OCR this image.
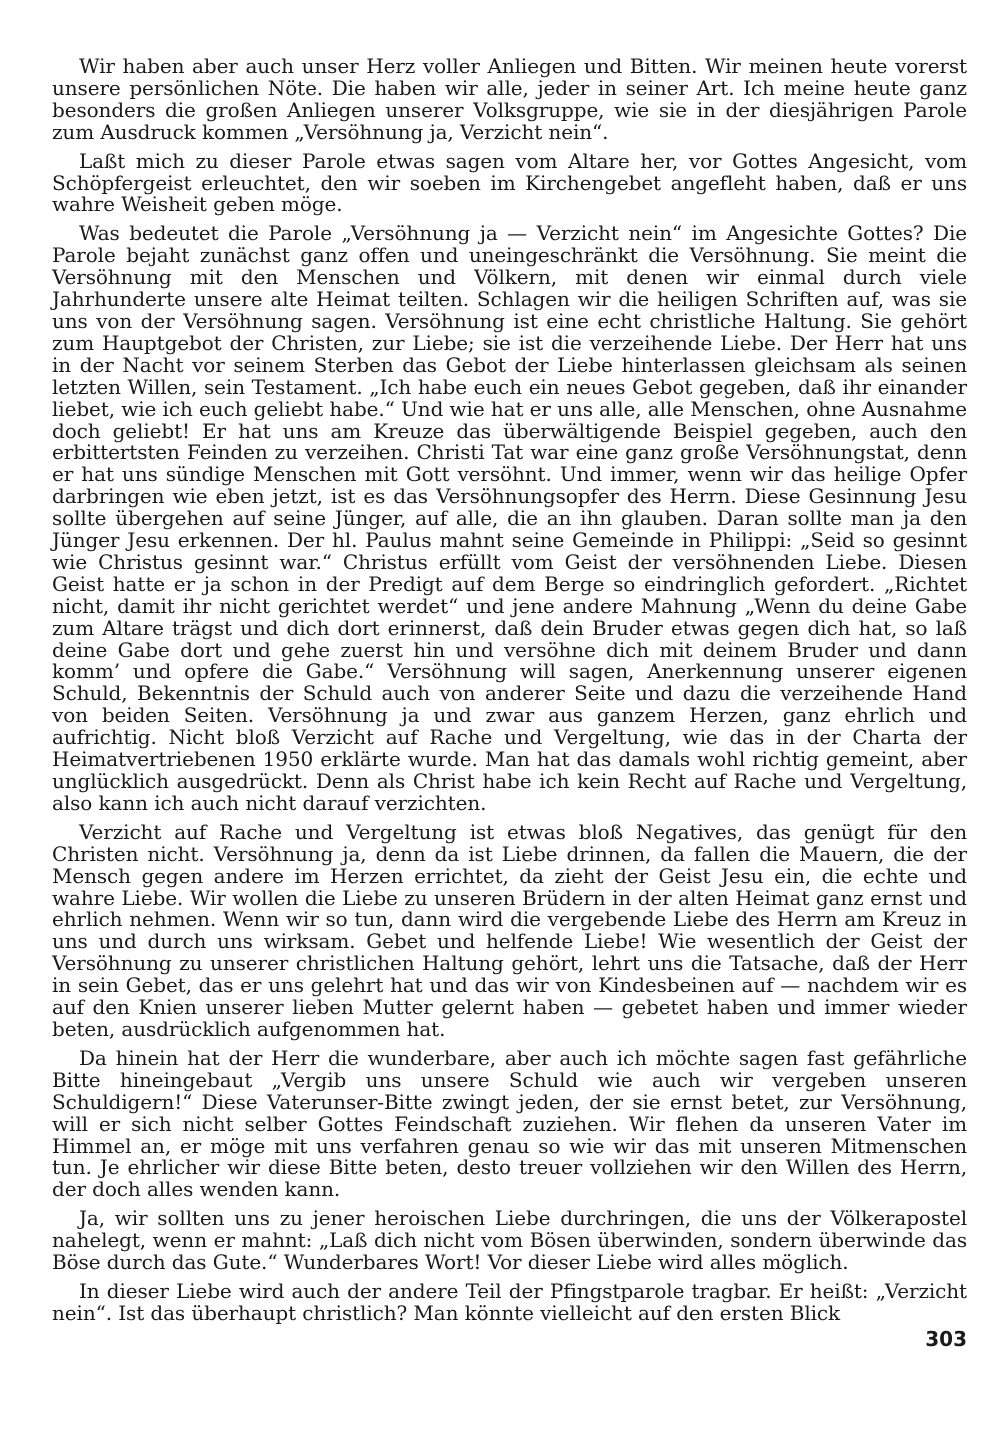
Wir haben aber auch unser Herz voller Anliegen und Bitten. Wir meinen heute vorerst unsere persönlichen Nöte. Die haben wir alle, jeder in seiner Art. Ich meine heute ganz besonders die großen Anliegen unserer Volksgruppe, wie sie in der diesjährigen Parole zum Ausdruck kommen „Versöhnung ja, Verzicht nein“.

Laßt mich zu dieser Parole etwas sagen vom Altare her, vor Gottes Angesicht, vom Schöpfergeist erleuchtet, den wir soeben im Kirchengebet angefleht haben, daß er uns wahre Weisheit geben möge.

Was bedeutet die Parole „Versöhnung ja — Verzicht nein“ im Angesichte Gottes? Die Parole bejaht zunächst ganz offen und uneingeschränkt die Versöhnung. Sie meint die Versöhnung mit den Menschen und Völkern, mit denen wir einmal durch viele Jahrhunderte unsere alte Heimat teilten. Schlagen wir die heiligen Schriften auf, was sie uns von der Versöhnung sagen. Versöhnung ist eine echt christliche Haltung. Sie gehört zum Hauptgebot der Christen, zur Liebe; sie ist die verzeihende Liebe. Der Herr hat uns in der Nacht vor seinem Sterben das Gebot der Liebe hinterlassen gleichsam als seinen letzten Willen, sein Testament. „Ich habe euch ein neues Gebot gegeben, daß ihr einander liebet, wie ich euch geliebt habe.“ Und wie hat er uns alle, alle Menschen, ohne Ausnahme doch geliebt! Er hat uns am Kreuze das überwältigende Beispiel gegeben, auch den erbittertsten Feinden zu verzeihen. Christi Tat war eine ganz große Versöhnungstat, denn er hat uns sündige Menschen mit Gott versöhnt. Und immer, wenn wir das heilige Opfer darbringen wie eben jetzt, ist es das Versöhnungsopfer des Herrn. Diese Gesinnung Jesu sollte übergehen auf seine Jünger, auf alle, die an ihn glauben. Daran sollte man ja den Jünger Jesu erkennen. Der hl. Paulus mahnt seine Gemeinde in Philippi: „Seid so gesinnt wie Christus gesinnt war.“ Christus erfüllt vom Geist der versöhnenden Liebe. Diesen Geist hatte er ja schon in der Predigt auf dem Berge so eindringlich gefordert. „Richtet nicht, damit ihr nicht gerichtet werdet“ und jene andere Mahnung „Wenn du deine Gabe zum Altare trägst und dich dort erinnerst, daß dein Bruder etwas gegen dich hat, so laß deine Gabe dort und gehe zuerst hin und versöhne dich mit deinem Bruder und dann komm’ und opfere die Gabe.“ Versöhnung will sagen, Anerkennung unserer eigenen Schuld, Bekenntnis der Schuld auch von anderer Seite und dazu die verzeihende Hand von beiden Seiten. Versöhnung ja und zwar aus ganzem Herzen, ganz ehrlich und aufrichtig. Nicht bloß Verzicht auf Rache und Vergeltung, wie das in der Charta der Heimatvertriebenen 1950 erklärte wurde. Man hat das damals wohl richtig gemeint, aber unglücklich ausgedrückt. Denn als Christ habe ich kein Recht auf Rache und Vergeltung, also kann ich auch nicht darauf verzichten.

Verzicht auf Rache und Vergeltung ist etwas bloß Negatives, das genügt für den Christen nicht. Versöhnung ja, denn da ist Liebe drinnen, da fallen die Mauern, die der Mensch gegen andere im Herzen errichtet, da zieht der Geist Jesu ein, die echte und wahre Liebe. Wir wollen die Liebe zu unseren Brüdern in der alten Heimat ganz ernst und ehrlich nehmen. Wenn wir so tun, dann wird die vergebende Liebe des Herrn am Kreuz in uns und durch uns wirksam. Gebet und helfende Liebe! Wie wesentlich der Geist der Versöhnung zu unserer christlichen Haltung gehört, lehrt uns die Tatsache, daß der Herr in sein Gebet, das er uns gelehrt hat und das wir von Kindesbeinen auf — nachdem wir es auf den Knien unserer lieben Mutter gelernt haben — gebetet haben und immer wieder beten, ausdrücklich aufgenommen hat.

Da hinein hat der Herr die wunderbare, aber auch ich möchte sagen fast gefährliche Bitte hineingebaut „Vergib uns unsere Schuld wie auch wir vergeben unseren Schuldigern!“ Diese Vaterunser-Bitte zwingt jeden, der sie ernst betet, zur Versöhnung, will er sich nicht selber Gottes Feindschaft zuziehen. Wir flehen da unseren Vater im Himmel an, er möge mit uns verfahren genau so wie wir das mit unseren Mitmenschen tun. Je ehrlicher wir diese Bitte beten, desto treuer vollziehen wir den Willen des Herrn, der doch alles wenden kann.

Ja, wir sollten uns zu jener heroischen Liebe durchringen, die uns der Völkerapostel nahelegt, wenn er mahnt: „Laß dich nicht vom Bösen überwinden, sondern überwinde das Böse durch das Gute.“ Wunderbares Wort! Vor dieser Liebe wird alles möglich.

In dieser Liebe wird auch der andere Teil der Pfingstparole tragbar. Er heißt: „Verzicht nein“. Ist das überhaupt christlich? Man könnte vielleicht auf den ersten Blick

303
